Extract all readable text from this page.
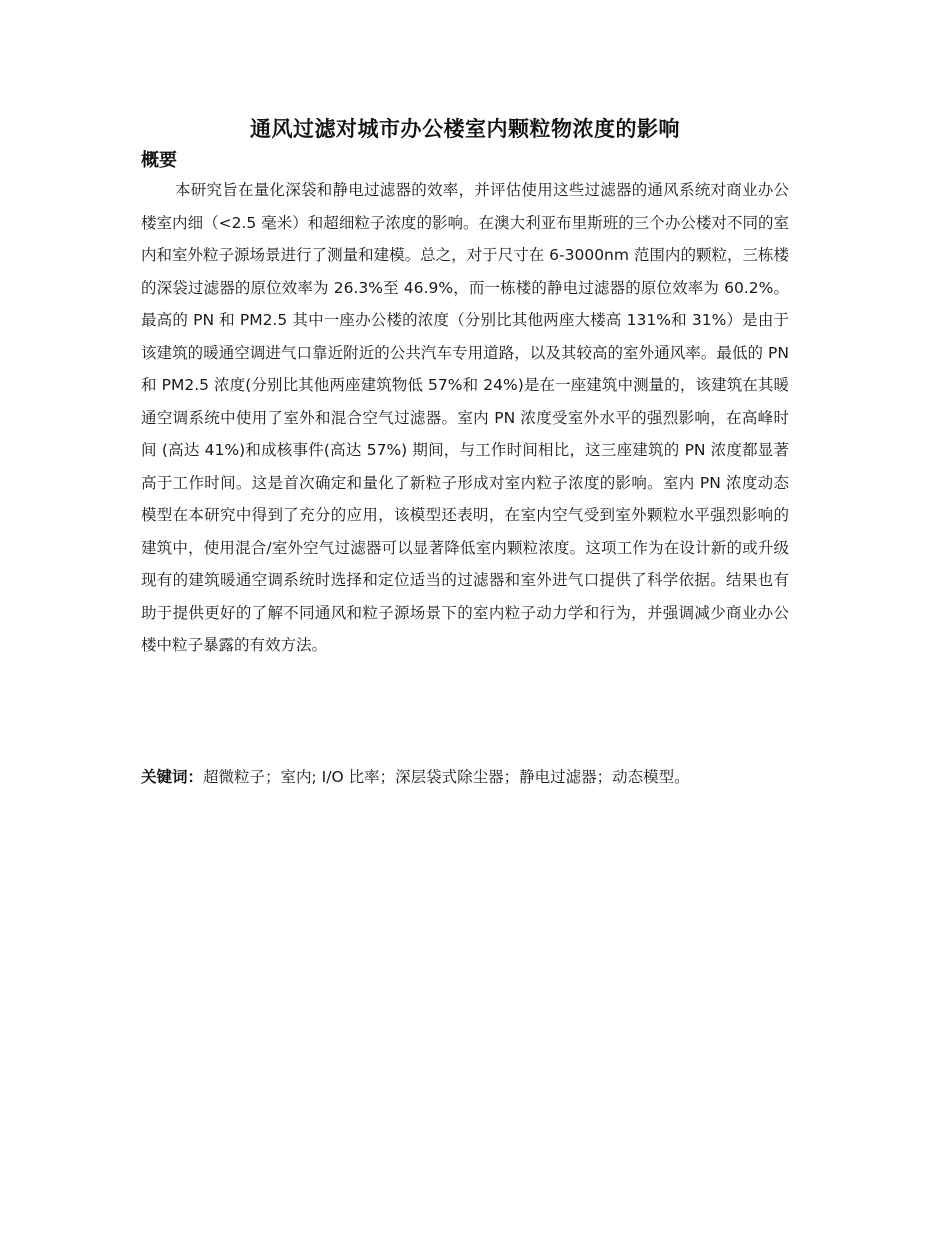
通风过滤对城市办公楼室内颗粒物浓度的影响
概要

本研究旨在量化深袋和静电过滤器的效率，并评估使用这些过滤器的通风系统对商业办公楼室内细（<2.5 毫米）和超细粒子浓度的影响。在澳大利亚布里斯班的三个办公楼对不同的室内和室外粒子源场景进行了测量和建模。总之，对于尺寸在 6-3000nm 范围内的颗粒，三栋楼的深袋过滤器的原位效率为 26.3%至 46.9%，而一栋楼的静电过滤器的原位效率为 60.2%。最高的 PN 和 PM2.5 其中一座办公楼的浓度（分别比其他两座大楼高 131%和 31%）是由于该建筑的暖通空调进气口靠近附近的公共汽车专用道路，以及其较高的室外通风率。最低的 PN 和 PM2.5 浓度(分别比其他两座建筑物低 57%和 24%)是在一座建筑中测量的，该建筑在其暖通空调系统中使用了室外和混合空气过滤器。室内 PN 浓度受室外水平的强烈影响，在高峰时间 (高达 41%)和成核事件(高达 57%) 期间，与工作时间相比，这三座建筑的 PN 浓度都显著高于工作时间。这是首次确定和量化了新粒子形成对室内粒子浓度的影响。室内 PN 浓度动态模型在本研究中得到了充分的应用，该模型还表明，在室内空气受到室外颗粒水平强烈影响的建筑中，使用混合/室外空气过滤器可以显著降低室内颗粒浓度。这项工作为在设计新的或升级现有的建筑暖通空调系统时选择和定位适当的过滤器和室外进气口提供了科学依据。结果也有助于提供更好的了解不同通风和粒子源场景下的室内粒子动力学和行为，并强调减少商业办公楼中粒子暴露的有效方法。

关键词：超微粒子；室内; I/O 比率；深层袋式除尘器；静电过滤器；动态模型。
